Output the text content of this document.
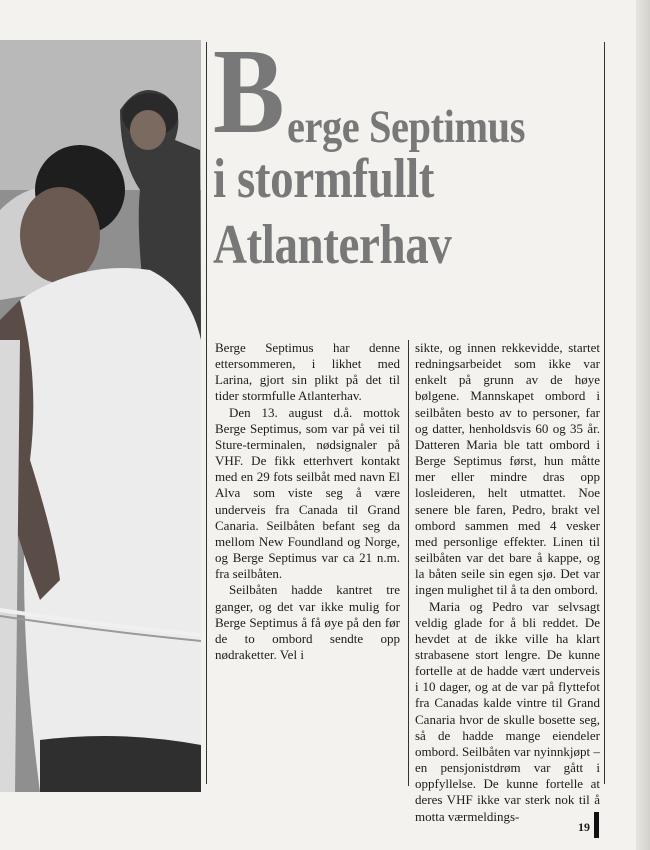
B erge Septimus
i stormfullt
Atlanterhav

Berge Septimus har denne ettersommeren, i likhet med Larina, gjort sin plikt på det til tider stormfulle Atlanterhav.

Den 13. august d.å. mottok Berge Septimus, som var på vei til Sture-terminalen, nødsignaler på VHF. De fikk etterhvert kontakt med en 29 fots seilbåt med navn El Alva som viste seg å være underveis fra Canada til Grand Canaria. Seilbåten befant seg da mellom New Foundland og Norge, og Berge Septimus var ca 21 n.m. fra seilbåten.

Seilbåten hadde kantret tre ganger, og det var ikke mulig for Berge Septimus å få øye på den før de to ombord sendte opp nødraketter. Vel i

sikte, og innen rekkevidde, startet redningsarbeidet som ikke var enkelt på grunn av de høye bølgene. Mannskapet ombord i seilbåten besto av to personer, far og datter, henholdsvis 60 og 35 år. Datteren Maria ble tatt ombord i Berge Septimus først, hun måtte mer eller mindre dras opp losleideren, helt utmattet. Noe senere ble faren, Pedro, brakt vel ombord sammen med 4 vesker med personlige effekter. Linen til seilbåten var det bare å kappe, og la båten seile sin egen sjø. Det var ingen mulighet til å ta den ombord.

Maria og Pedro var selvsagt veldig glade for å bli reddet. De hevdet at de ikke ville ha klart strabasene stort lengre. De kunne fortelle at de hadde vært underveis i 10 dager, og at de var på flyttefot fra Canadas kalde vintre til Grand Canaria hvor de skulle bosette seg, så de hadde mange eiendeler ombord. Seilbåten var nyinnkjøpt – en pensjonistdrøm var gått i oppfyllelse. De kunne fortelle at deres VHF ikke var sterk nok til å motta værmeldings-

19
